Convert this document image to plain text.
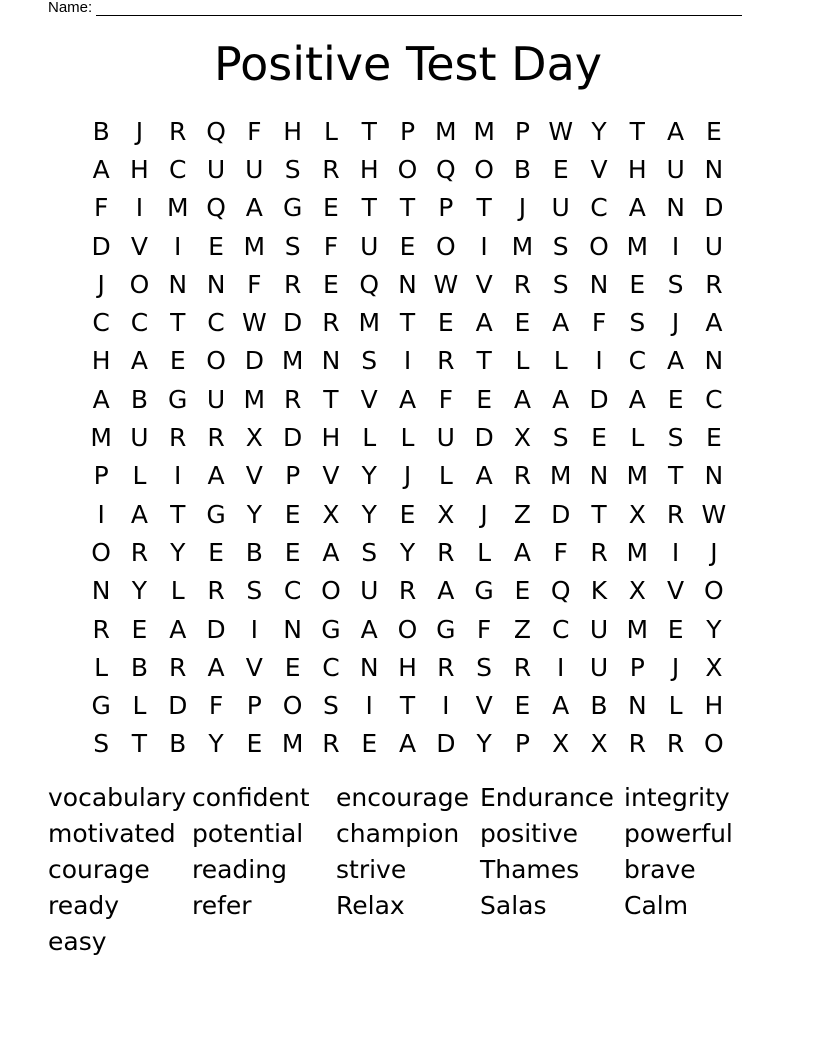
Name:
Positive Test Day
B	J	R Q F H L T P M M P W Y T A E
A H C U U S R H O Q O B E V H U N
F	I M Q A G E T T P T	J	U C A N D
D V	I	E M S F U E O I M S O M I	U
J O N N F R E Q N W V R S N E S R
C C T C W D R M T E A E A F S	J	A
H A E O D M N S	I	R T L L	I	C A N
A B G U M R T V A F E A A D A E C
M U R R X D H L L U D X S E L S E
P L	I	A V P V Y	J	L A R M N M T N
I	A T G Y E X Y E X	J	Z D T X R W
O R Y E B E A S Y R L A F R M I	J
N Y L R S C O U R A G E Q K X V O
R E A D I	N G A O G F Z C U M E Y
L B R A V E C N H R S R	I	U P	J	X
G L D F P O S	I	T	I	V E A B N L H
S T B Y E M R E A D Y P X X R R O
vocabulary confident	encourage Endurance integrity
motivated potential	champion positive	powerful
courage	reading	strive	Thames	brave
ready	refer	Relax	Salas	Calm
easy
